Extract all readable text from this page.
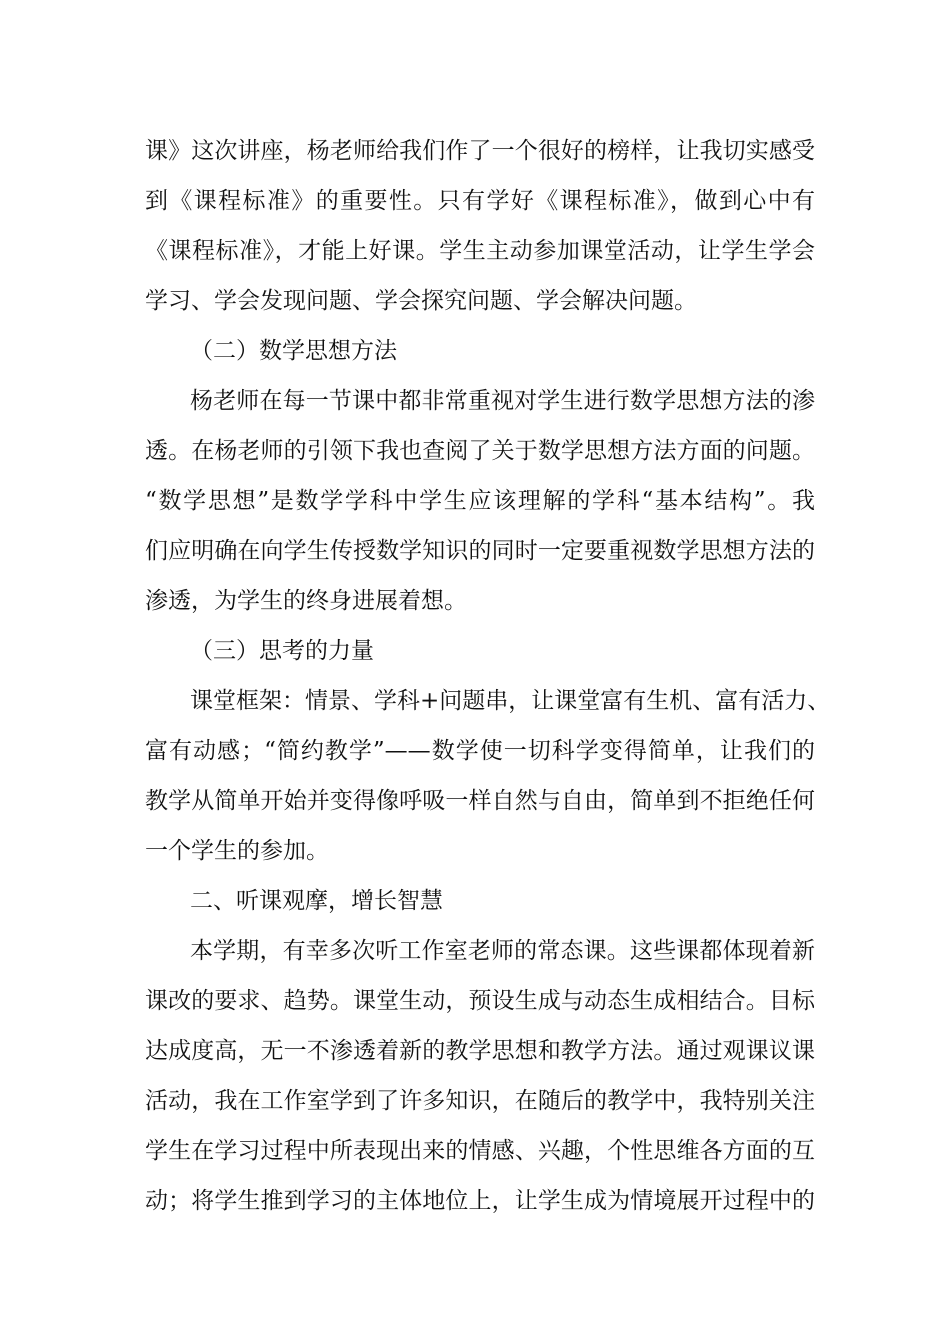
课》这次讲座，杨老师给我们作了一个很好的榜样，让我切实感受
到《课程标准》的重要性。只有学好《课程标准》，做到心中有
《课程标准》，才能上好课。学生主动参加课堂活动，让学生学会
学习、学会发现问题、学会探究问题、学会解决问题。
（二）数学思想方法
杨老师在每一节课中都非常重视对学生进行数学思想方法的渗
透。在杨老师的引领下我也查阅了关于数学思想方法方面的问题。
“数学思想”是数学学科中学生应该理解的学科“基本结构”。我
们应明确在向学生传授数学知识的同时一定要重视数学思想方法的
渗透，为学生的终身进展着想。
（三）思考的力量
课堂框架：情景、学科+问题串，让课堂富有生机、富有活力、
富有动感；“简约教学”——数学使一切科学变得简单，让我们的
教学从简单开始并变得像呼吸一样自然与自由，简单到不拒绝任何
一个学生的参加。
二、听课观摩，增长智慧
本学期，有幸多次听工作室老师的常态课。这些课都体现着新
课改的要求、趋势。课堂生动，预设生成与动态生成相结合。目标
达成度高，无一不渗透着新的教学思想和教学方法。通过观课议课
活动，我在工作室学到了许多知识，在随后的教学中，我特别关注
学生在学习过程中所表现出来的情感、兴趣，个性思维各方面的互
动；将学生推到学习的主体地位上，让学生成为情境展开过程中的
